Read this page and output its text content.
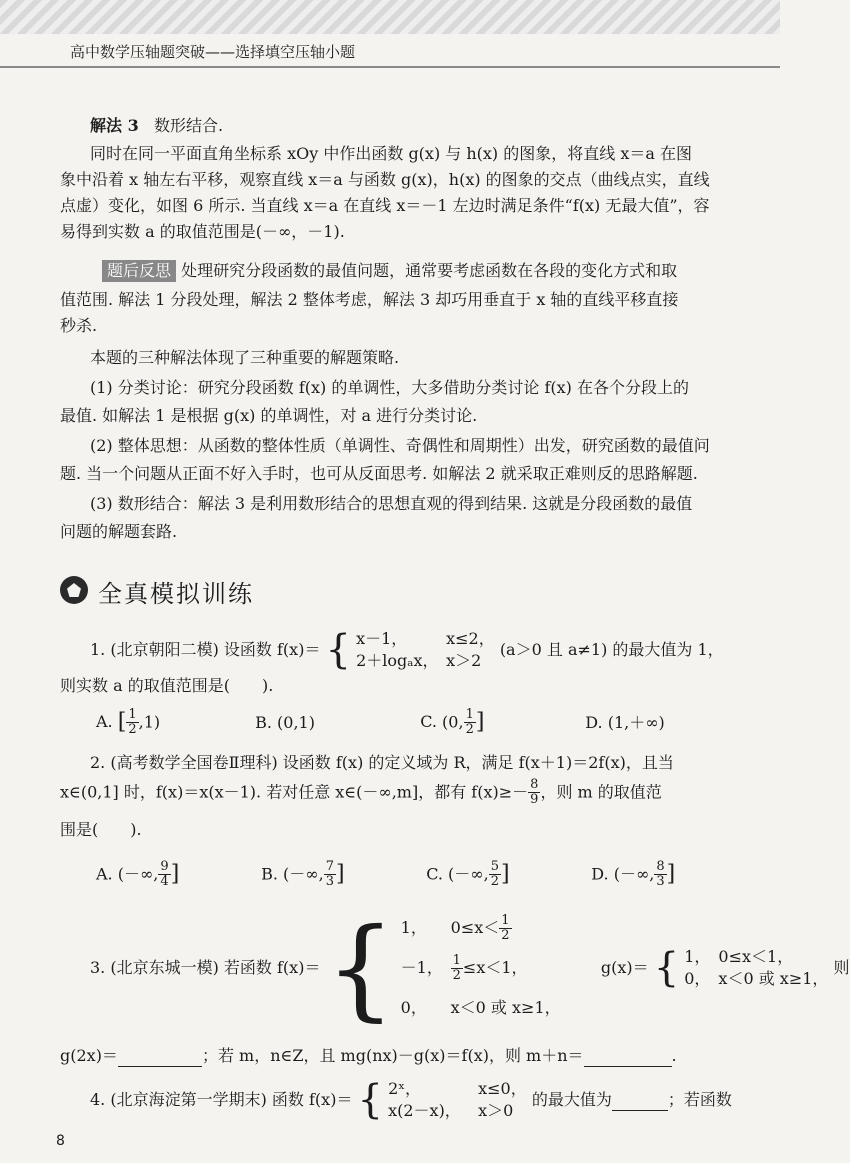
高中数学压轴题突破——选择填空压轴小题
解法 3 数形结合.
同时在同一平面直角坐标系 xOy 中作出函数 g(x) 与 h(x) 的图象，将直线 x＝a 在图
象中沿着 x 轴左右平移，观察直线 x＝a 与函数 g(x)，h(x) 的图象的交点（曲线点实，直线
点虚）变化，如图 6 所示. 当直线 x＝a 在直线 x＝－1 左边时满足条件“f(x) 无最大值”，容
易得到实数 a 的取值范围是(－∞，－1).
题后反思 处理研究分段函数的最值问题，通常要考虑函数在各段的变化方式和取
值范围. 解法 1 分段处理，解法 2 整体考虑，解法 3 却巧用垂直于 x 轴的直线平移直接
秒杀.
本题的三种解法体现了三种重要的解题策略.
(1) 分类讨论：研究分段函数 f(x) 的单调性，大多借助分类讨论 f(x) 在各个分段上的
最值. 如解法 1 是根据 g(x) 的单调性，对 a 进行分类讨论.
(2) 整体思想：从函数的整体性质（单调性、奇偶性和周期性）出发，研究函数的最值问
题. 当一个问题从正面不好入手时，也可从反面思考. 如解法 2 就采取正难则反的思路解题.
(3) 数形结合：解法 3 是利用数形结合的思想直观的得到结果. 这就是分段函数的最值
问题的解题套路.
全真模拟训练
1. (北京朝阳二模) 设函数 f(x)＝ { x－1， x≤2，
2＋logₐx， x＞2
(a＞0 且 a≠1) 的最大值为 1，
则实数 a 的取值范围是(　　).
A. [ $\frac{1}{2} ,1$)	B. (0,1)	C. (0, $\frac{1}{2}$ ]	D. (1,＋∞)
2. (高考数学全国卷Ⅱ理科) 设函数 f(x) 的定义域为 R，满足 f(x＋1)＝2f(x)，且当
x∈(0,1] 时，f(x)＝x(x－1). 若对任意 x∈(－∞,m]，都有 $f(x)\ge- \frac{8}{9}$ ，则 m 的取值范
围是(　　).
A. (－∞, $\frac{9}{4}$ ]	B. (－∞, $\frac{7}{3}$ ]	C. (－∞, $\frac{5}{2}$ ]	D. (－∞, $\frac{8}{3}$ ]
3. (北京东城一模) 若函数 f(x)＝ { 1， $0\le x< \frac{1}{2}$
－1， $\frac{1}{2} \le x<1$，
0， x＜0 或 x≥1，
g(x)＝ { 1，　0≤x＜1，
0，　x＜0 或 x≥1，
则
g(2x)＝	；若 m，n∈Z，且 mg(nx)－g(x)＝f(x)，则 m＋n＝	.
4. (北京海淀第一学期末) 函数 f(x)＝ { 2ˣ，	x≤0，
x(2－x)， x＞0
的最大值为	；若函数
8
